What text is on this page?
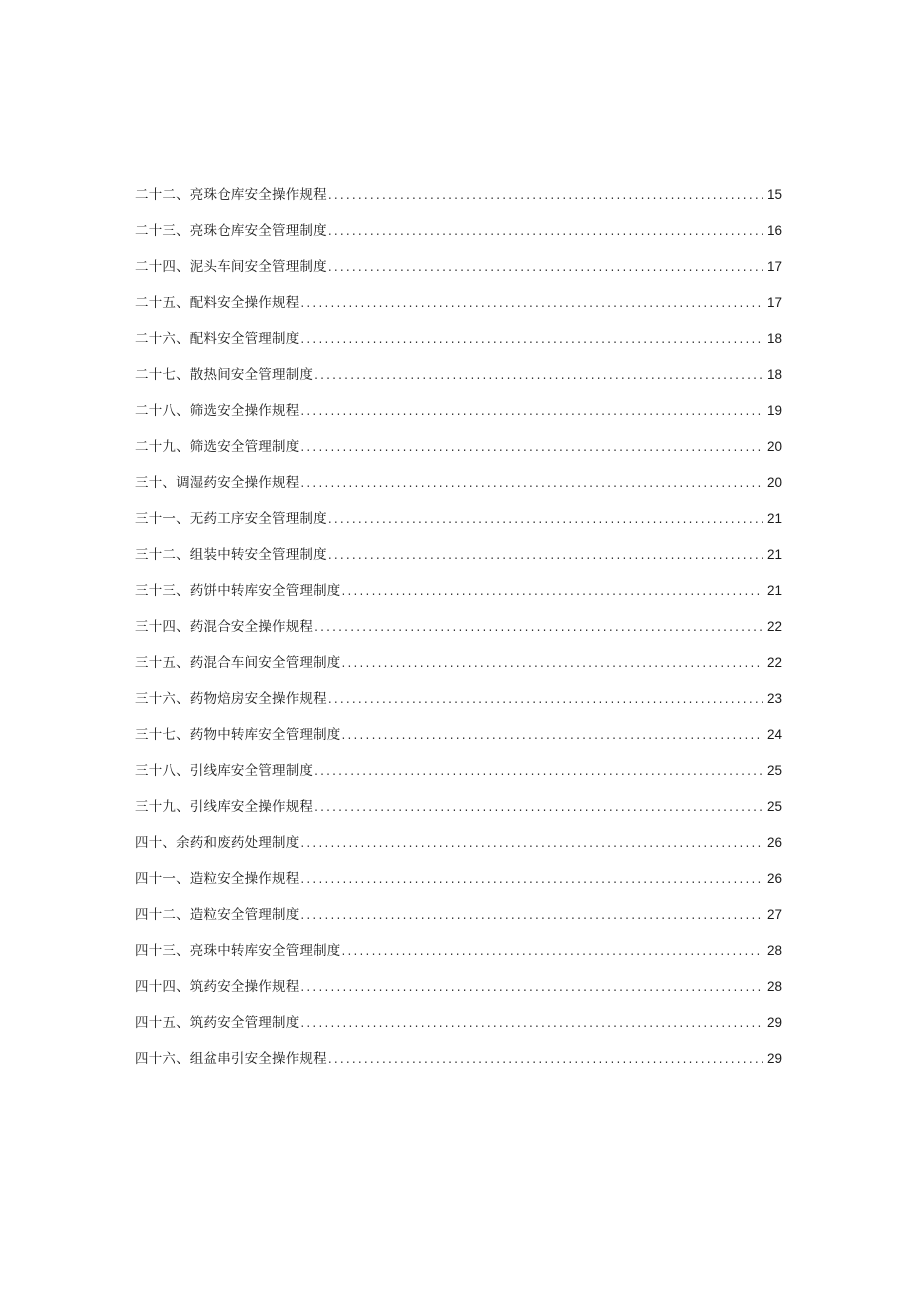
二十二、亮珠仓库安全操作规程 .....	15
二十三、亮珠仓库安全管理制度 .....	16
二十四、泥头车间安全管理制度 .....	17
二十五、配料安全操作规程 .....	17
二十六、配料安全管理制度 .....	18
二十七、散热间安全管理制度 .....	18
二十八、筛选安全操作规程 .....	19
二十九、筛选安全管理制度 .....	20
三十、调湿药安全操作规程 .....	20
三十一、无药工序安全管理制度 .....	21
三十二、组装中转安全管理制度 .....	21
三十三、药饼中转库安全管理制度 .....	21
三十四、药混合安全操作规程 .....	22
三十五、药混合车间安全管理制度 .....	22
三十六、药物焙房安全操作规程 .....	23
三十七、药物中转库安全管理制度 .....	24
三十八、引线库安全管理制度 .....	25
三十九、引线库安全操作规程 .....	25
四十、余药和废药处理制度 .....	26
四十一、造粒安全操作规程 .....	26
四十二、造粒安全管理制度 .....	27
四十三、亮珠中转库安全管理制度 .....	28
四十四、筑药安全操作规程 .....	28
四十五、筑药安全管理制度 .....	29
四十六、组盆串引安全操作规程 .....	29
